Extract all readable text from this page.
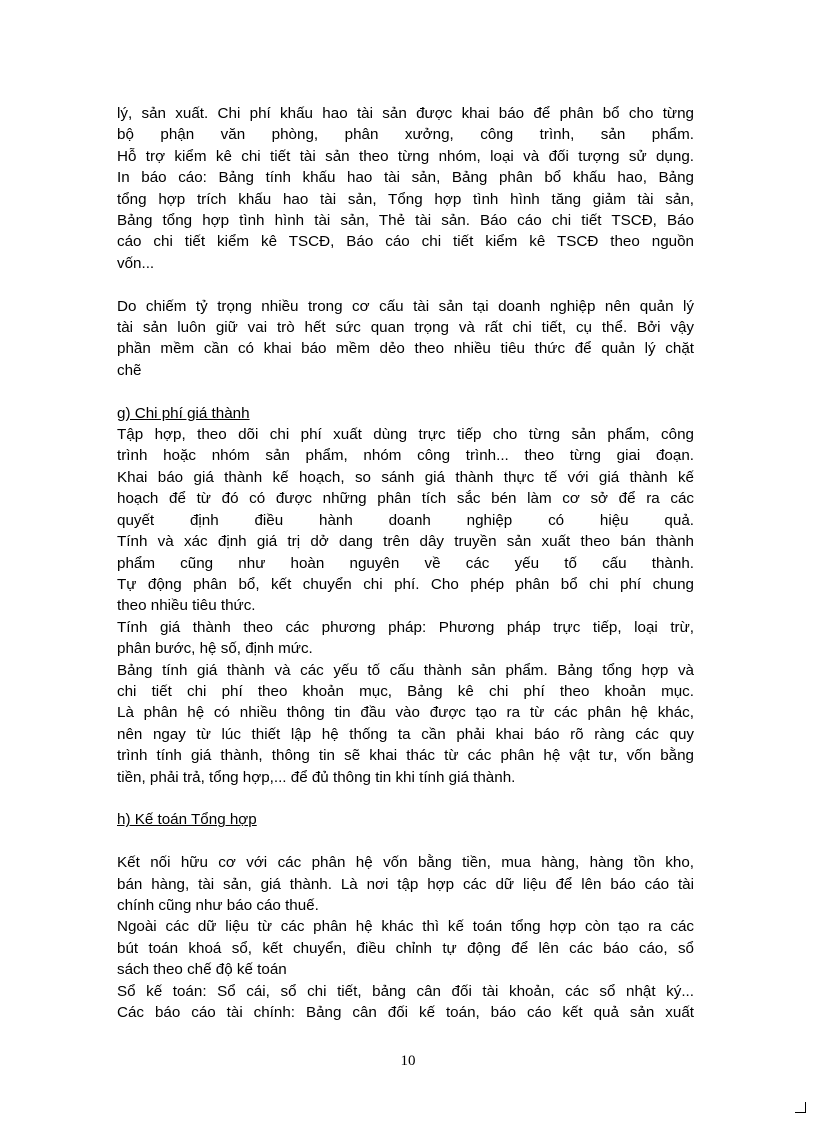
lý, sản xuất. Chi phí khấu hao tài sản được khai báo để phân bổ cho từng
bộ phận văn phòng, phân xưởng, công trình, sản phẩm.
Hỗ trợ kiểm kê chi tiết tài sản theo từng nhóm, loại và đối tượng sử dụng.
In báo cáo: Bảng tính khấu hao tài sản, Bảng phân bổ khấu hao, Bảng
tổng hợp trích khấu hao tài sản, Tổng hợp tình hình tăng giảm tài sản,
Bảng tổng hợp tình hình tài sản, Thẻ tài sản. Báo cáo chi tiết TSCĐ, Báo
cáo chi tiết kiểm kê TSCĐ, Báo cáo chi tiết kiểm kê TSCĐ theo nguồn
vốn...
Do chiếm tỷ trọng nhiều trong cơ cấu tài sản tại doanh nghiệp nên quản lý
tài sản luôn giữ vai trò hết sức quan trọng và rất chi tiết, cụ thể. Bởi vậy
phần mềm cần có khai báo mềm dẻo theo nhiều tiêu thức để quản lý chặt
chẽ

g) Chi phí giá thành

Tập hợp, theo dõi chi phí xuất dùng trực tiếp cho từng sản phẩm, công
trình hoặc nhóm sản phẩm, nhóm công trình... theo từng giai đoạn.
Khai báo giá thành kế hoạch, so sánh giá thành thực tế với giá thành kế
hoạch để từ đó có được những phân tích sắc bén làm cơ sở để ra các
quyết định điều hành doanh nghiệp có hiệu quả.
Tính và xác định giá trị dở dang trên dây truyền sản xuất theo bán thành
phẩm cũng như hoàn nguyên về các yếu tố cấu thành.
Tự động phân bổ, kết chuyển chi phí. Cho phép phân bổ chi phí chung
theo nhiều tiêu thức.
Tính giá thành theo các phương pháp: Phương pháp trực tiếp, loại trừ,
phân bước, hệ số, định mức.
Bảng tính giá thành và các yếu tố cấu thành sản phẩm. Bảng tổng hợp và
chi tiết chi phí theo khoản mục, Bảng kê chi phí theo khoản mục.
Là phân hệ có nhiều thông tin đầu vào được tạo ra từ các phân hệ khác,
nên ngay từ lúc thiết lập hệ thống ta cần phải khai báo rõ ràng các quy
trình tính giá thành, thông tin sẽ khai thác từ các phân hệ vật tư, vốn bằng
tiền, phải trả, tổng hợp,... để đủ thông tin khi tính giá thành.

h) Kế toán Tổng hợp

Kết nối hữu cơ với các phân hệ vốn bằng tiền, mua hàng, hàng tồn kho,
bán hàng, tài sản, giá thành. Là nơi tập hợp các dữ liệu để lên báo cáo tài
chính cũng như báo cáo thuế.
Ngoài các dữ liệu từ các phân hệ khác thì kế toán tổng hợp còn tạo ra các
bút toán khoá sổ, kết chuyển, điều chỉnh tự động để lên các báo cáo, sổ
sách theo chế độ kế toán
Sổ kế toán: Sổ cái, sổ chi tiết, bảng cân đối tài khoản, các sổ nhật ký...
Các báo cáo tài chính: Bảng cân đối kế toán, báo cáo kết quả sản xuất
10
